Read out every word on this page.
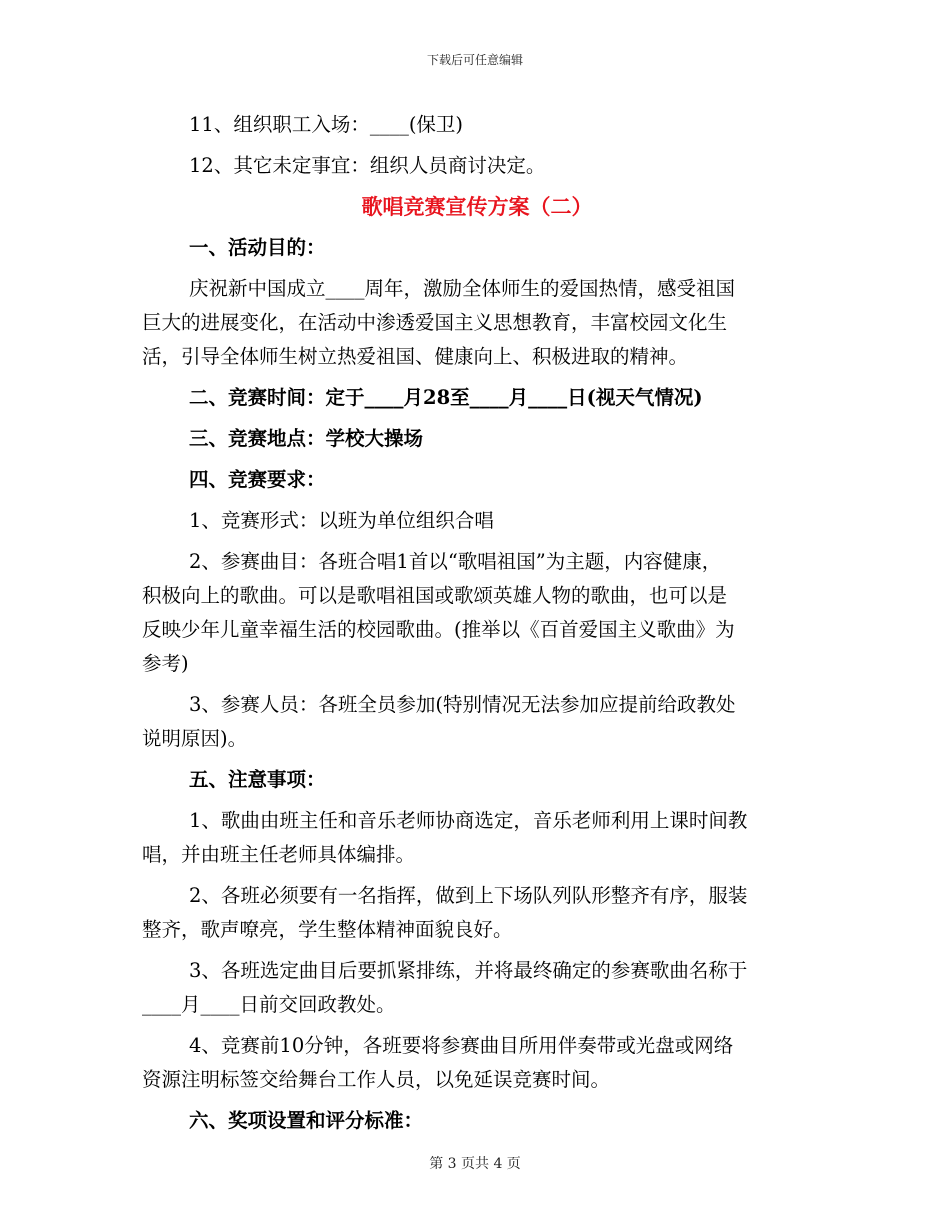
下载后可任意编辑
11、组织职工入场：____(保卫)
12、其它未定事宜：组织人员商讨决定。
歌唱竞赛宣传方案（二）
一、活动目的：
庆祝新中国成立____周年，激励全体师生的爱国热情，感受祖国
巨大的进展变化，在活动中渗透爱国主义思想教育，丰富校园文化生
活，引导全体师生树立热爱祖国、健康向上、积极进取的精神。
二、竞赛时间：定于____月28至____月____日(视天气情况)
三、竞赛地点：学校大操场
四、竞赛要求：
1、竞赛形式：以班为单位组织合唱
2、参赛曲目：各班合唱1首以“歌唱祖国”为主题，内容健康，
积极向上的歌曲。可以是歌唱祖国或歌颂英雄人物的歌曲，也可以是
反映少年儿童幸福生活的校园歌曲。(推举以《百首爱国主义歌曲》为
参考)
3、参赛人员：各班全员参加(特别情况无法参加应提前给政教处
说明原因)。
五、注意事项：
1、歌曲由班主任和音乐老师协商选定，音乐老师利用上课时间教
唱，并由班主任老师具体编排。
2、各班必须要有一名指挥，做到上下场队列队形整齐有序，服装
整齐，歌声嘹亮，学生整体精神面貌良好。
3、各班选定曲目后要抓紧排练，并将最终确定的参赛歌曲名称于
____月____日前交回政教处。
4、竞赛前10分钟，各班要将参赛曲目所用伴奏带或光盘或网络
资源注明标签交给舞台工作人员，以免延误竞赛时间。
六、奖项设置和评分标准：
第 3 页共 4 页
